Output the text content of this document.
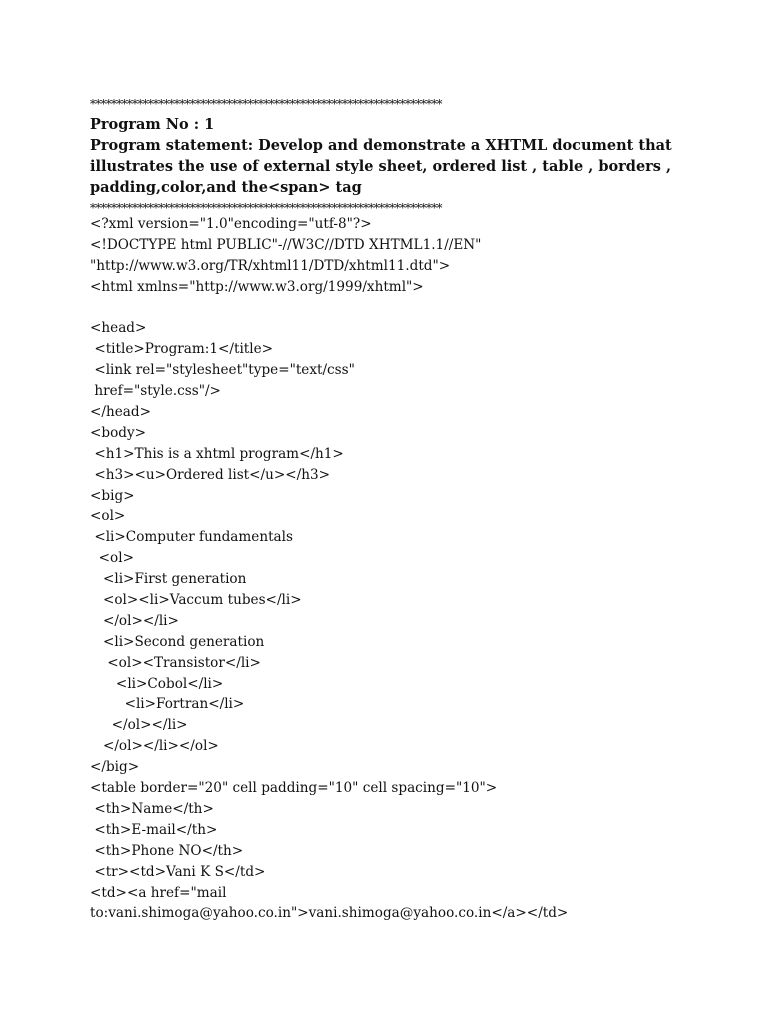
*******************************************************************
Program No : 1
Program statement: Develop and demonstrate a XHTML document that
illustrates the use of external style sheet, ordered list , table , borders ,
padding,color,and the<span> tag
*******************************************************************
<?xml version="1.0"encoding="utf-8"?>
<!DOCTYPE html PUBLIC"-//W3C//DTD XHTML1.1//EN"
"http://www.w3.org/TR/xhtml11/DTD/xhtml11.dtd">
<html xmlns="http://www.w3.org/1999/xhtml">
<head>
<title>Program:1</title>
<link rel="stylesheet"type="text/css"
href="style.css"/>
</head>
<body>
<h1>This is a xhtml program</h1>
<h3><u>Ordered list</u></h3>
<big>
<ol>
<li>Computer fundamentals
<ol>
<li>First generation
<ol><li>Vaccum tubes</li>
</ol></li>
<li>Second generation
<ol><Transistor</li>
<li>Cobol</li>
<li>Fortran</li>
</ol></li>
</ol></li></ol>
</big>
<table border="20" cell padding="10" cell spacing="10">
<th>Name</th>
<th>E-mail</th>
<th>Phone NO</th>
<tr><td>Vani K S</td>
<td><a href="mail
to:vani.shimoga@yahoo.co.in">vani.shimoga@yahoo.co.in</a></td>
